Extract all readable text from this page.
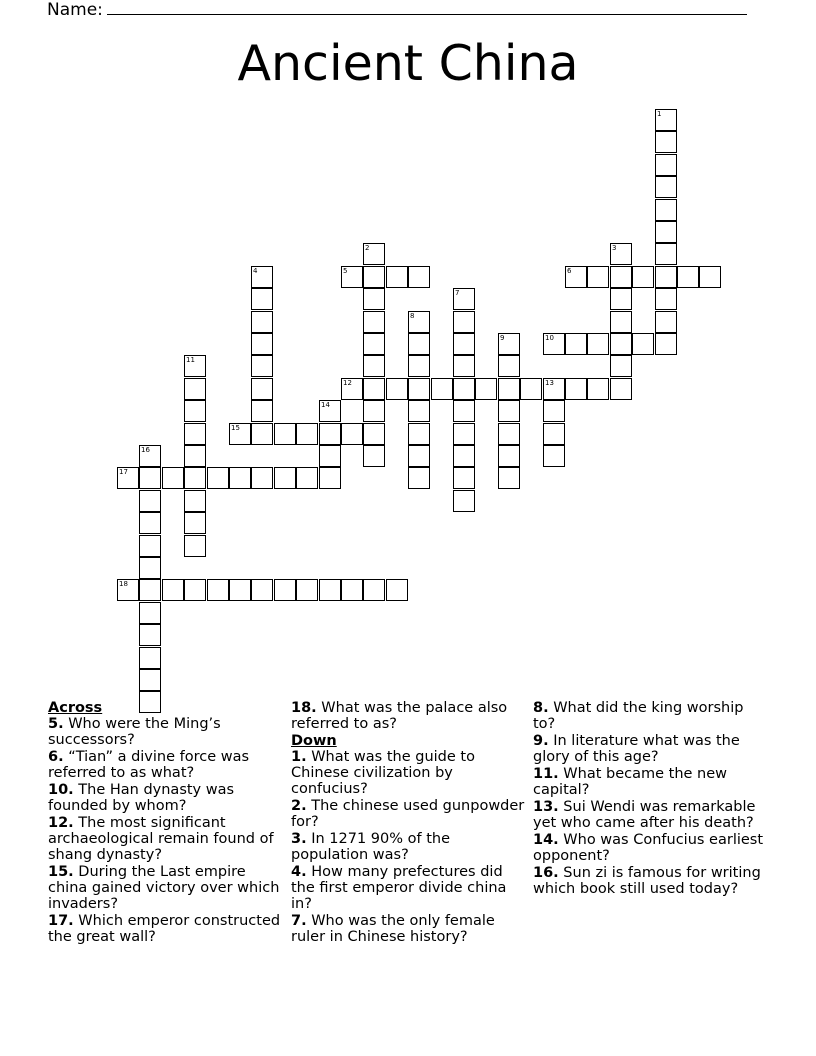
Name:
Ancient China
1
6
3
2
5
4
7
8
9	10
11
12	13
14
15
16
17
18

Across

5. Who were the Ming’s successors?

6. “Tian” a divine force was referred to as what?

10. The Han dynasty was founded by whom?

12. The most significant archaeological remain found of shang dynasty?

15. During the Last empire china gained victory over which invaders?

17. Which emperor constructed the great wall?

18. What was the palace also referred to as?

Down

1. What was the guide to Chinese civilization by confucius?

2. The chinese used gunpowder for?

3. In 1271 90% of the population was?

4. How many prefectures did the first emperor divide china in?

7. Who was the only female ruler in Chinese history?

8. What did the king worship to?

9. In literature what was the glory of this age?

11. What became the new capital?

13. Sui Wendi was remarkable yet who came after his death?

14. Who was Confucius earliest opponent?

16. Sun zi is famous for writing which book still used today?
